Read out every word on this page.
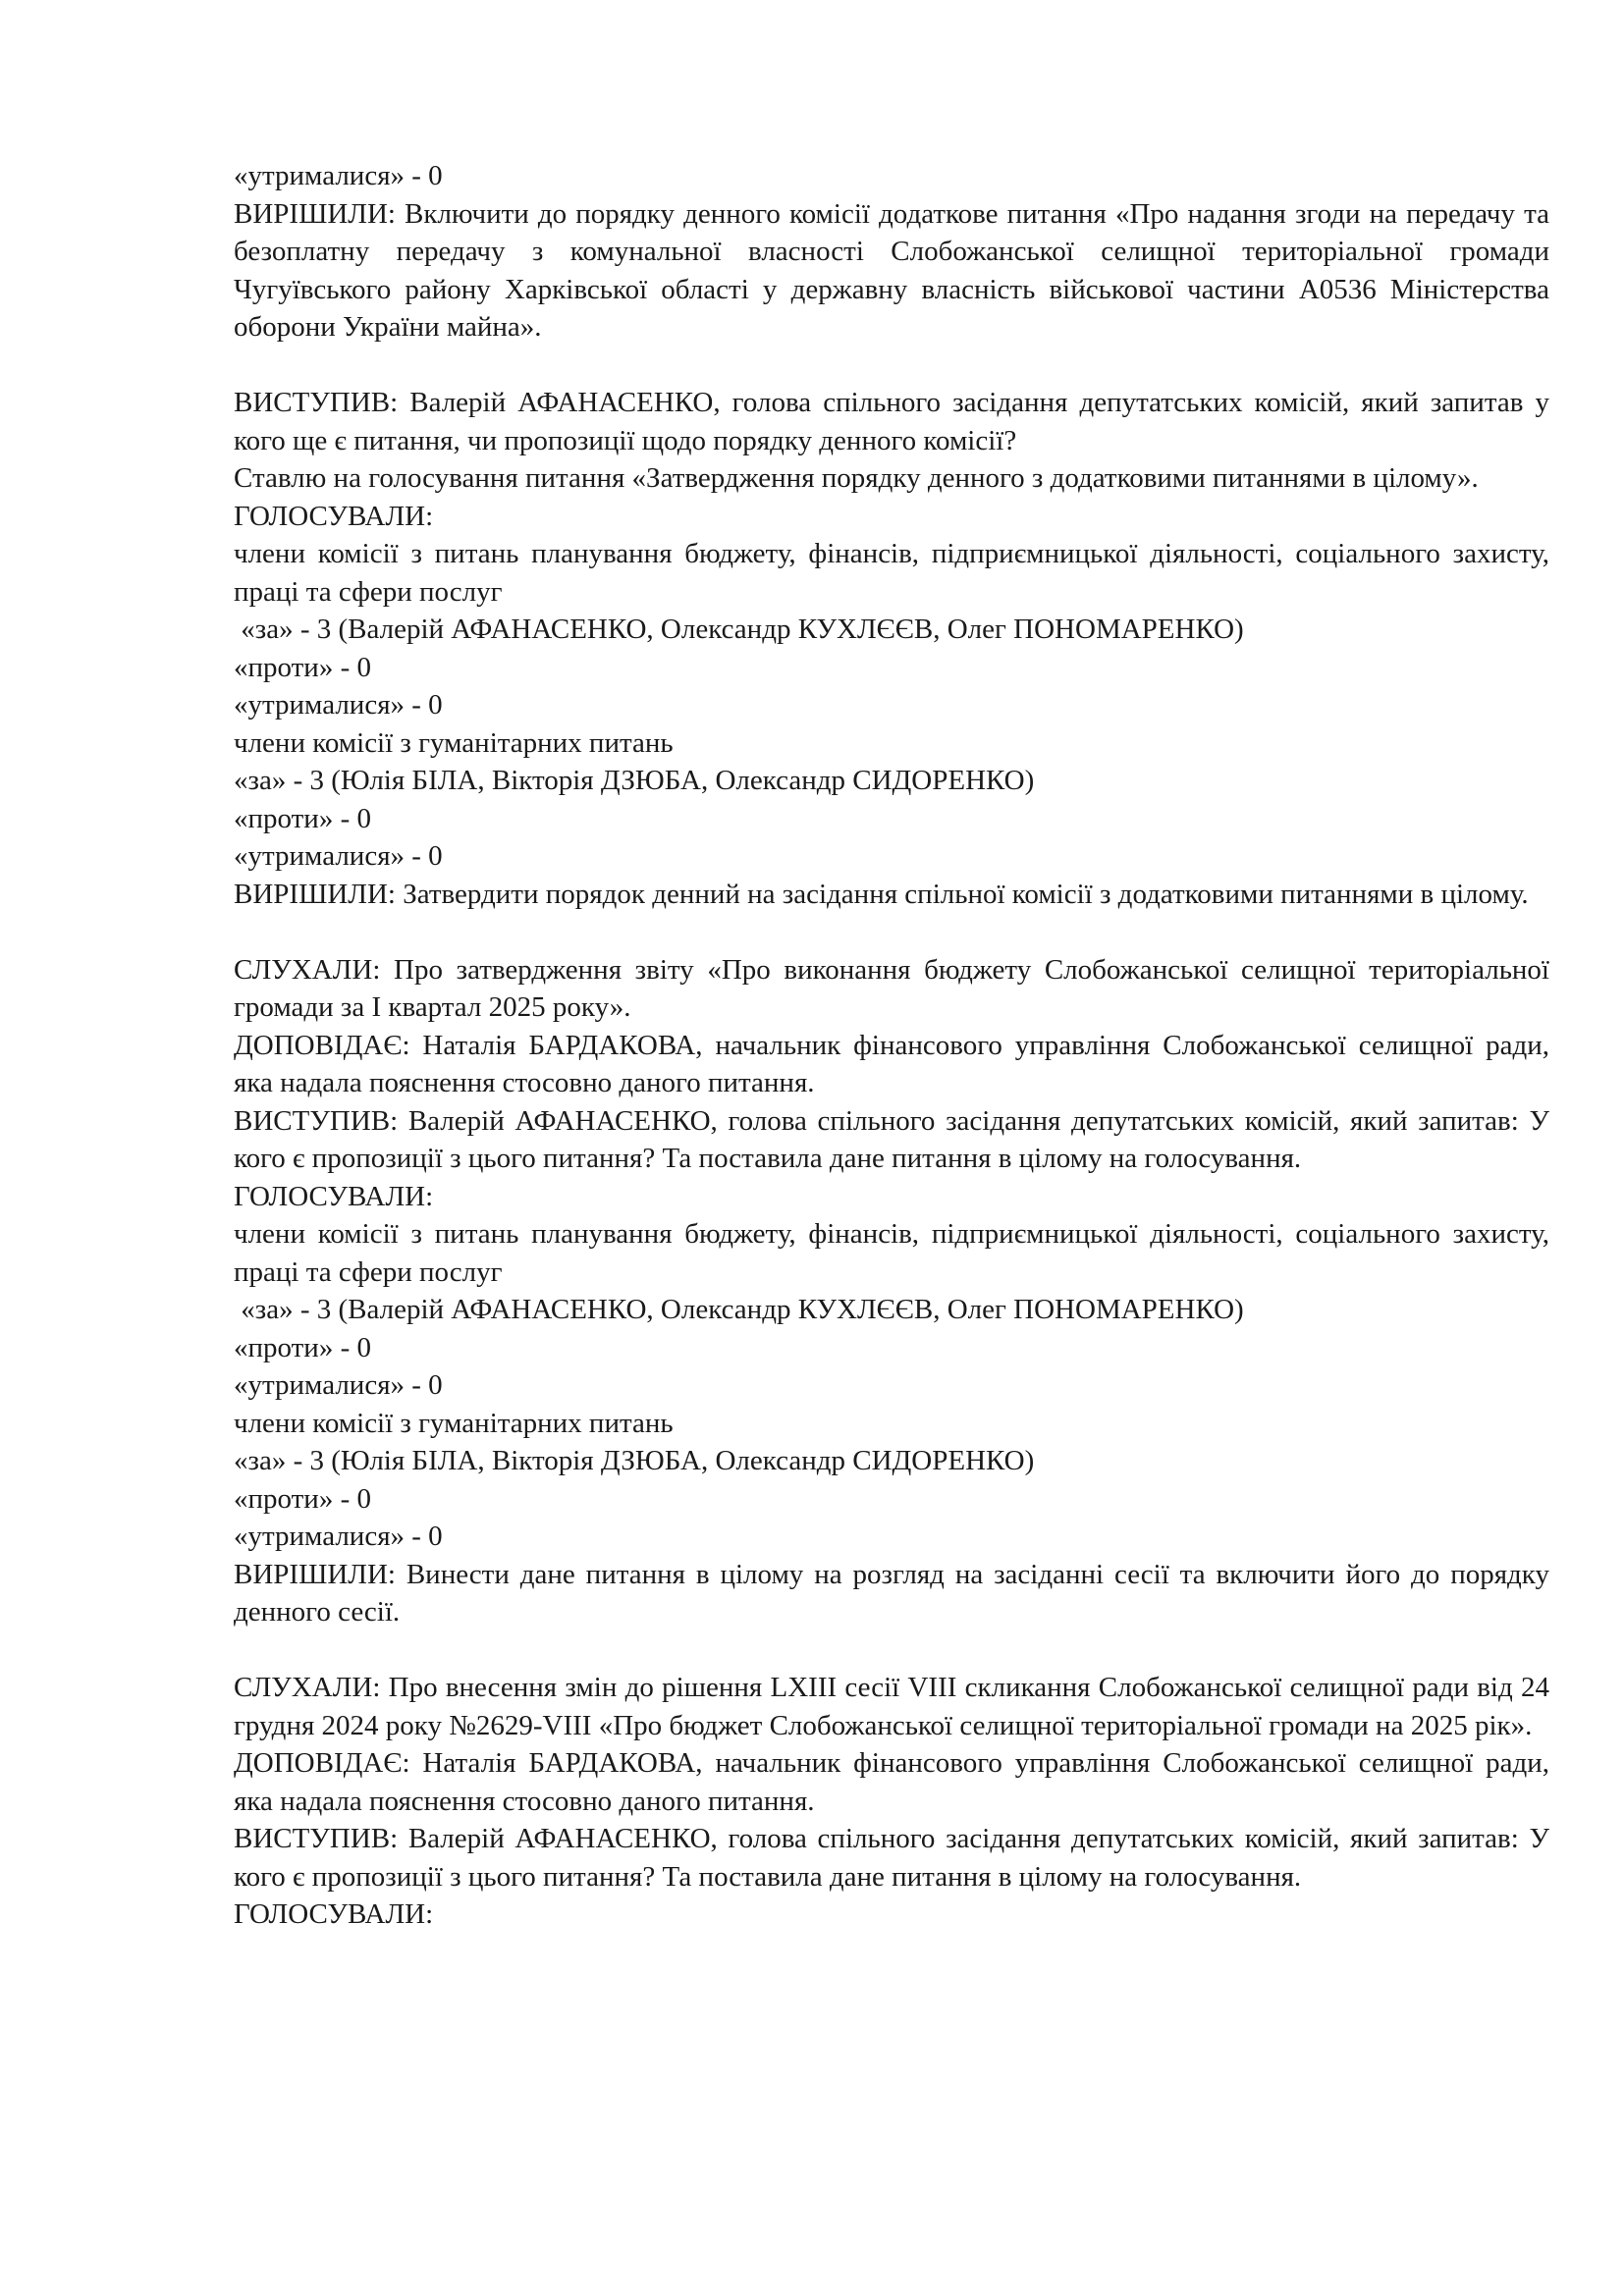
«утрималися» - 0

ВИРІШИЛИ: Включити до порядку денного комісії додаткове питання «Про надання згоди на передачу та безоплатну передачу з комунальної власності Слобожанської селищної територіальної громади Чугуївського району Харківської області у державну власність військової частини А0536 Міністерства оборони України майна».

ВИСТУПИВ: Валерій АФАНАСЕНКО, голова спільного засідання депутатських комісій, який запитав у кого ще є питання, чи пропозиції щодо порядку денного комісії?

Ставлю на голосування питання «Затвердження порядку денного з додатковими питаннями в цілому».

ГОЛОСУВАЛИ:

члени комісії з питань планування бюджету, фінансів, підприємницької діяльності, соціального захисту, праці та сфери послуг

«за» - 3 (Валерій АФАНАСЕНКО, Олександр КУХЛЄЄВ, Олег ПОНОМАРЕНКО)

«проти» - 0

«утрималися» - 0

члени комісії з гуманітарних питань

«за» - 3 (Юлія БІЛА, Вікторія ДЗЮБА, Олександр СИДОРЕНКО)

«проти» - 0

«утрималися» - 0

ВИРІШИЛИ: Затвердити порядок денний на засідання спільної комісії з додатковими питаннями в цілому.

СЛУХАЛИ: Про затвердження звіту «Про виконання бюджету Слобожанської селищної територіальної громади за I квартал 2025 року».

ДОПОВІДАЄ: Наталія БАРДАКОВА, начальник фінансового управління Слобожанської селищної ради, яка надала пояснення стосовно даного питання.

ВИСТУПИВ: Валерій АФАНАСЕНКО, голова спільного засідання депутатських комісій, який запитав: У кого є пропозиції з цього питання? Та поставила дане питання в цілому на голосування.

ГОЛОСУВАЛИ:

члени комісії з питань планування бюджету, фінансів, підприємницької діяльності, соціального захисту, праці та сфери послуг

«за» - 3 (Валерій АФАНАСЕНКО, Олександр КУХЛЄЄВ, Олег ПОНОМАРЕНКО)

«проти» - 0

«утрималися» - 0

члени комісії з гуманітарних питань

«за» - 3 (Юлія БІЛА, Вікторія ДЗЮБА, Олександр СИДОРЕНКО)

«проти» - 0

«утрималися» - 0

ВИРІШИЛИ: Винести дане питання в цілому на розгляд на засіданні сесії та включити його до порядку денного сесії.

СЛУХАЛИ: Про внесення змін до рішення LXIII сесії VIII скликання Слобожанської селищної ради від 24 грудня 2024 року №2629-VIII «Про бюджет Слобожанської селищної територіальної громади на 2025 рік».

ДОПОВІДАЄ: Наталія БАРДАКОВА, начальник фінансового управління Слобожанської селищної ради, яка надала пояснення стосовно даного питання.

ВИСТУПИВ: Валерій АФАНАСЕНКО, голова спільного засідання депутатських комісій, який запитав: У кого є пропозиції з цього питання? Та поставила дане питання в цілому на голосування.

ГОЛОСУВАЛИ:
